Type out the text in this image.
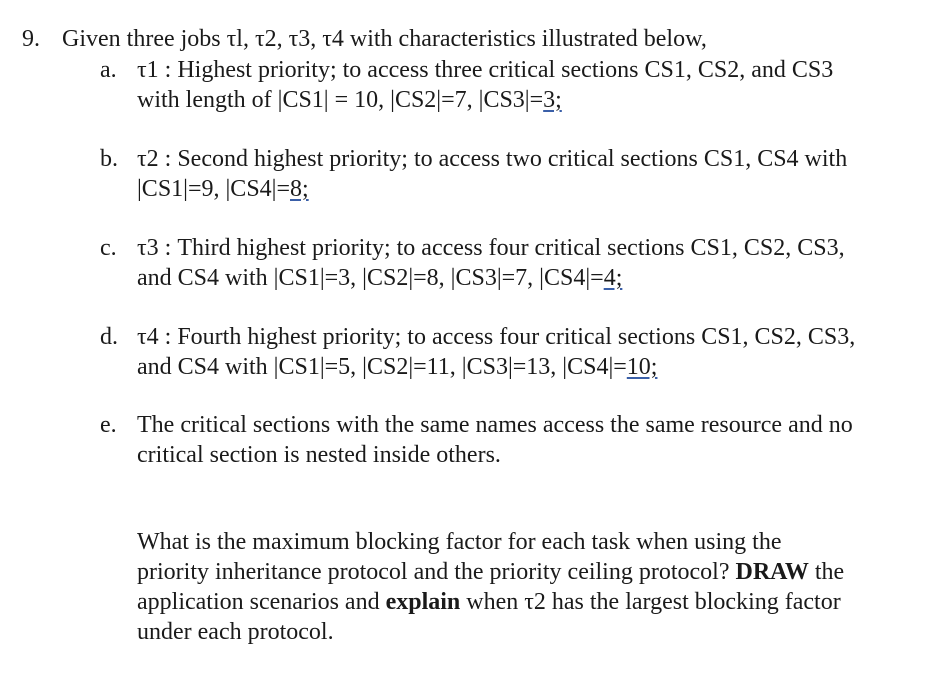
9. Given three jobs τl, τ2, τ3, τ4 with characteristics illustrated below,
a. τ1 : Highest priority; to access three critical sections CS1, CS2, and CS3
with length of |CS1| = 10, |CS2|=7, |CS3|=3;
b. τ2 : Second highest priority; to access two critical sections CS1, CS4 with
|CS1|=9, |CS4|=8;
c. τ3 : Third highest priority; to access four critical sections CS1, CS2, CS3,
and CS4 with |CS1|=3, |CS2|=8, |CS3|=7, |CS4|=4;
d. τ4 : Fourth highest priority; to access four critical sections CS1, CS2, CS3,
and CS4 with |CS1|=5, |CS2|=11, |CS3|=13, |CS4|=10;
e. The critical sections with the same names access the same resource and no
critical section is nested inside others.
What is the maximum blocking factor for each task when using the
priority inheritance protocol and the priority ceiling protocol? DRAW the
application scenarios and explain when τ2 has the largest blocking factor
under each protocol.
